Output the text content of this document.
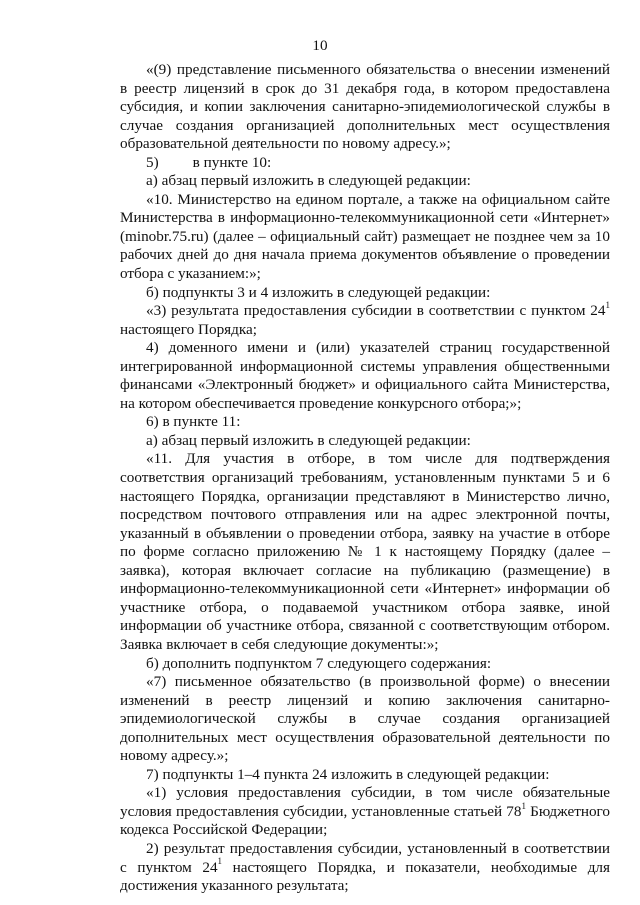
10

«(9) представление письменного обязательства о внесении изменений в реестр лицензий в срок до 31 декабря года, в котором предоставлена субсидия, и копии заключения санитарно-эпидемиологической службы в случае создания организацией дополнительных мест осуществления образовательной деятельности по новому адресу.»;

5) в пункте 10:

а) абзац первый изложить в следующей редакции:

«10. Министерство на едином портале, а также на официальном сайте Министерства в информационно-телекоммуникационной сети «Интернет» (minobr.75.ru) (далее – официальный сайт) размещает не позднее чем за 10 рабочих дней до дня начала приема документов объявление о проведении отбора с указанием:»;

б) подпункты 3 и 4 изложить в следующей редакции:

«3) результата предоставления субсидии в соответствии с пунктом $24^1$ настоящего Порядка;

4) доменного имени и (или) указателей страниц государственной интегрированной информационной системы управления общественными финансами «Электронный бюджет» и официального сайта Министерства, на котором обеспечивается проведение конкурсного отбора;»;

6) в пункте 11:

а) абзац первый изложить в следующей редакции:

«11. Для участия в отборе, в том числе для подтверждения соответствия организаций требованиям, установленным пунктами 5 и 6 настоящего Порядка, организации представляют в Министерство лично, посредством почтового отправления или на адрес электронной почты, указанный в объявлении о проведении отбора, заявку на участие в отборе по форме согласно приложению № 1 к настоящему Порядку (далее – заявка), которая включает согласие на публикацию (размещение) в информационно-телекоммуникационной сети «Интернет» информации об участнике отбора, о подаваемой участником отбора заявке, иной информации об участнике отбора, связанной с соответствующим отбором. Заявка включает в себя следующие документы:»;

б) дополнить подпунктом 7 следующего содержания:

«7) письменное обязательство (в произвольной форме) о внесении изменений в реестр лицензий и копию заключения санитарно-эпидемиологической службы в случае создания организацией дополнительных мест осуществления образовательной деятельности по новому адресу.»;

7) подпункты 1–4 пункта 24 изложить в следующей редакции:

«1) условия предоставления субсидии, в том числе обязательные условия предоставления субсидии, установленные статьей $78^1$ Бюджетного кодекса Российской Федерации;

2) результат предоставления субсидии, установленный в соответствии с пунктом $24^1$ настоящего Порядка, и показатели, необходимые для достижения указанного результата;
